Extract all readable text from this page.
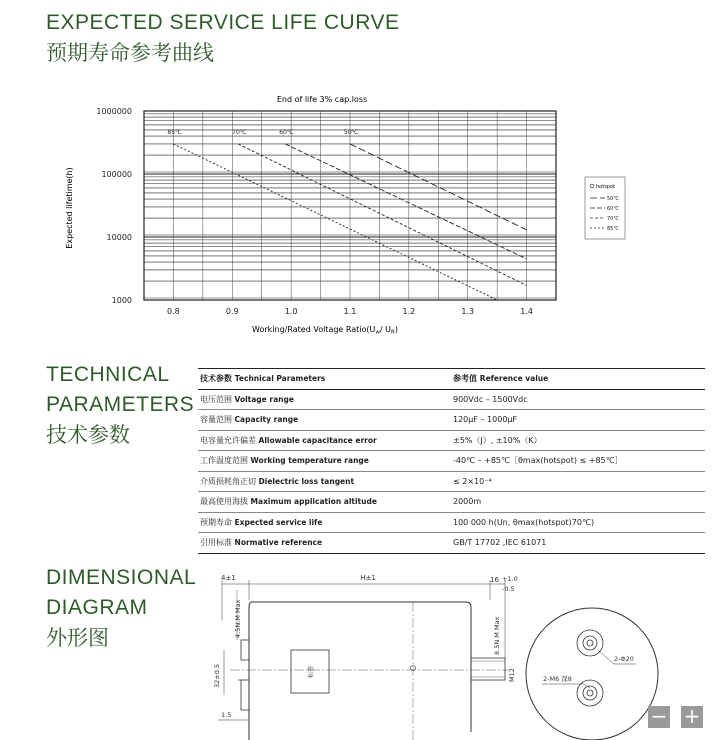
EXPECTED SERVICE LIFE CURVE
预期寿命参考曲线
TECHNICAL
PARAMETERS
技术参数
DIMENSIONAL
DIAGRAM
外形图
End of life 3% cap.loss
1000000
100000
10000
1000
0.8	0.9	1.0	1.1	1.2	1.3	1.4
85℃	70℃	60℃	50℃
Expected lifetime(h)
Working/Rated Voltage Ratio(Uw/ UR)
hotspot
50℃
60℃
70℃
85℃
技术参数 Technical Parameters	参考值 Reference value
电压范围 Voltage range	900Vdc – 1500Vdc
容量范围 Capacity range	120μF – 1000μF
电容量允许偏差 Allowable capacitance error	±5%（J）, ±10%（K）
工作温度范围 Working temperature range	-40℃ – +85℃［θmax(hotspot) ≤ +85℃］
介质损耗角正切 Dielectric loss tangent	≤ 2×10⁻⁴
最高使用海拔 Maximum application altitude	2000m
预期寿命 Expected service life	100 000 h(Un, θmax(hotspot)70℃)
引用标准 Normative reference	GB/T 17702 ,IEC 61071
4±1	H±1	16 +1.0
-0.5
标签
4.5N.M Max	8.5N.M Max
M12
32±0.5
1.5
2-Φ20
2-M6 深8
− +
